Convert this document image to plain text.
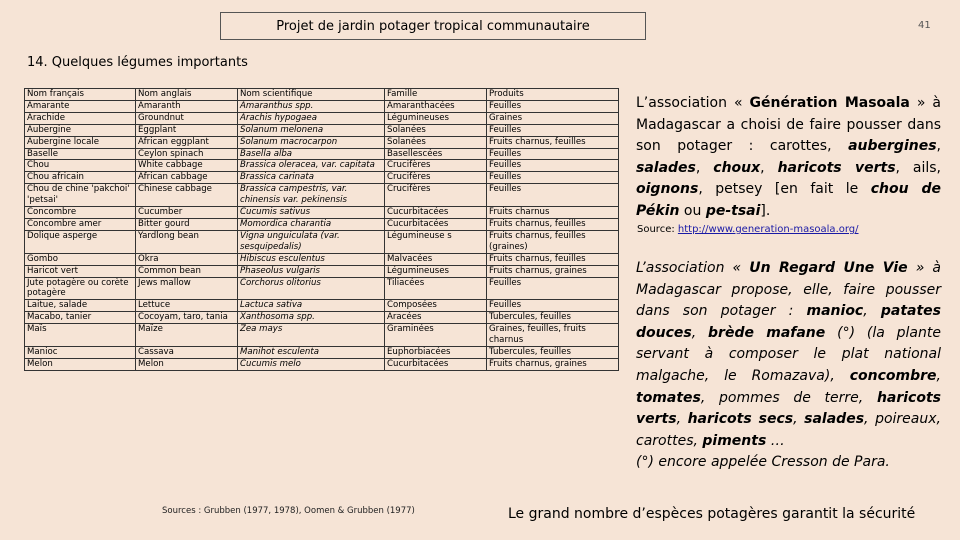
Projet de jardin potager tropical communautaire	41
14. Quelques légumes importants
Nom français	Nom anglais	Nom scientifique	Famille	Produits
Amarante	Amaranth	Amaranthus spp.	Amaranthacées	Feuilles
Arachide	Groundnut	Arachis hypogaea	Légumineuses	Graines
Aubergine	Eggplant	Solanum melonena	Solanées	Feuilles
Aubergine locale	African eggplant	Solanum macrocarpon	Solanées	Fruits charnus, feuilles
Baselle	Ceylon spinach	Basella alba	Basellescées	Feuilles
Chou	White cabbage	Brassica oleracea, var. capitata	Crucifères	Feuilles
Chou africain	African cabbage	Brassica carinata	Crucifères	Feuilles
Chou de chine 'pakchoi' 'petsai'	Chinese cabbage	Brassica campestris, var. chinensis var. pekinensis	Crucifères	Feuilles
Concombre	Cucumber	Cucumis sativus	Cucurbitacées	Fruits charnus
Concombre amer	Bitter gourd	Momordica charantia	Cucurbitacées	Fruits charnus, feuilles
Dolique asperge	Yardlong bean	Vigna unguiculata (var. sesquipedalis)	Légumineuse s	Fruits charnus, feuilles (graines)
Gombo	Okra	Hibiscus esculentus	Malvacées	Fruits charnus, feuilles
Haricot vert	Common bean	Phaseolus vulgaris	Légumineuses	Fruits charnus, graines
Jute potagère ou corète potagère	Jews mallow	Corchorus olitorius	Tiliacées	Feuilles
Laitue, salade	Lettuce	Lactuca sativa	Composées	Feuilles
Macabo, tanier	Cocoyam, taro, tania	Xanthosoma spp.	Aracées	Tubercules, feuilles
Maïs	Maïze	Zea mays	Graminées	Graines, feuilles, fruits charnus
Manioc	Cassava	Manihot esculenta	Euphorbiacées	Tubercules, feuilles
Melon	Melon	Cucumis melo	Cucurbitacées	Fruits charnus, graines
Sources : Grubben (1977, 1978), Oomen & Grubben (1977)

L’association « Génération Masoala » à Madagascar a choisi de faire pousser dans son potager : carottes, aubergines, salades, choux, haricots verts, ails, oignons, petsey [en fait le chou de Pékin ou pe-tsai].

Source: http://www.generation-masoala.org/

L’association « Un Regard Une Vie » à Madagascar propose, elle, faire pousser dans son potager : manioc, patates douces, brède mafane (°) (la plante servant à composer le plat national malgache, le Romazava), concombre, tomates, pommes de terre, haricots verts, haricots secs, salades, poireaux, carottes, piments …

(°) encore appelée Cresson de Para.

Le grand nombre d’espèces potagères garantit la sécurité
